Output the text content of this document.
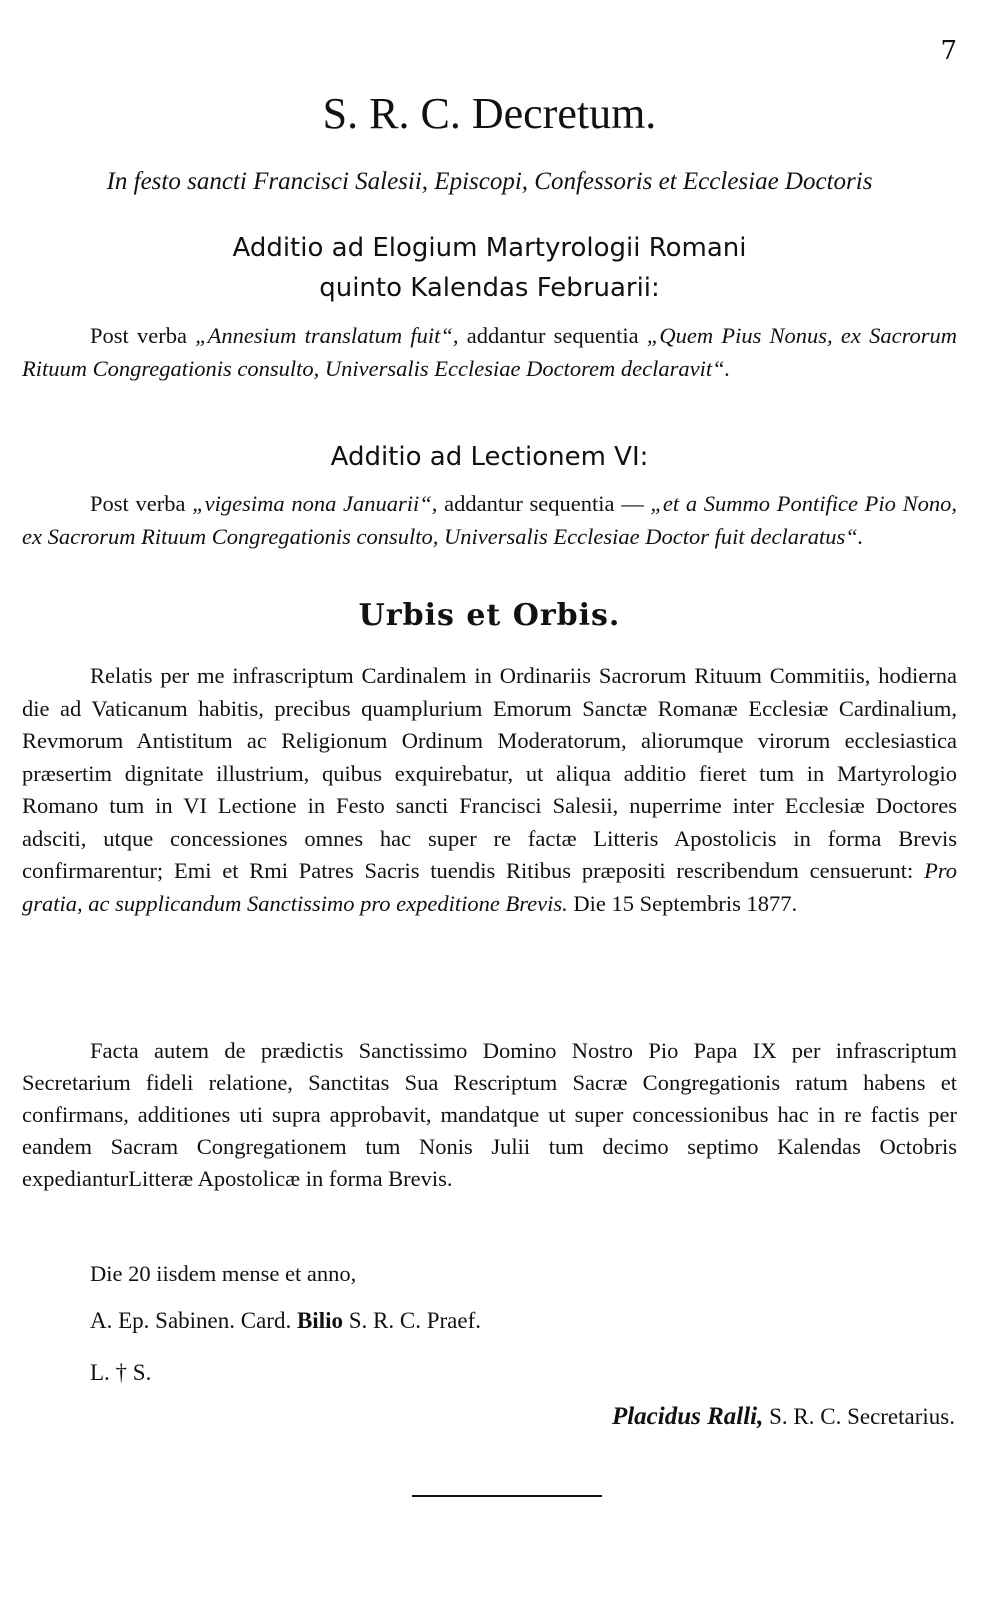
7
S. R. C. Decretum.
In festo sancti Francisci Salesii, Episcopi, Confessoris et Ecclesiae Doctoris
Additio ad Elogium Martyrologii Romani
quinto Kalendas Februarii:

Post verba „Annesium translatum fuit“, addantur sequentia „Quem Pius Nonus, ex Sacrorum Rituum Congregationis consulto, Universalis Ecclesiae Doctorem declaravit“.

Additio ad Lectionem VI:

Post verba „vigesima nona Januarii“, addantur sequentia — „et a Summo Pontifice Pio Nono, ex Sacrorum Rituum Congregationis consulto, Universalis Ecclesiae Doctor fuit declaratus“.

Urbis et Orbis.

Relatis per me infrascriptum Cardinalem in Ordinariis Sacrorum Rituum Commitiis, hodierna die ad Vaticanum habitis, precibus quamplurium Emorum Sanctæ Romanæ Ecclesiæ Cardinalium, Revmorum Antistitum ac Religionum Ordinum Moderatorum, aliorumque virorum ecclesiastica præsertim dignitate illustrium, quibus exquirebatur, ut aliqua additio fieret tum in Martyrologio Romano tum in VI Lectione in Festo sancti Francisci Salesii, nuperrime inter Ecclesiæ Doctores adsciti, utque concessiones omnes hac super re factæ Litteris Apostolicis in forma Brevis confirmarentur; Emi et Rmi Patres Sacris tuendis Ritibus præpositi rescribendum censuerunt: Pro gratia, ac supplicandum Sanctissimo pro expeditione Brevis. Die 15 Septembris 1877.

Facta autem de prædictis Sanctissimo Domino Nostro Pio Papa IX per infrascriptum Secretarium fideli relatione, Sanctitas Sua Rescriptum Sacræ Congregationis ratum habens et confirmans, additiones uti supra approbavit, mandatque ut super concessionibus hac in re factis per eandem Sacram Congregationem tum Nonis Julii tum decimo septimo Kalendas Octobris expedianturLitteræ Apostolicæ in forma Brevis.

Die 20 iisdem mense et anno,
A. Ep. Sabinen. Card. Bilio S. R. C. Praef.
L. † S.
Placidus Ralli, S. R. C. Secretarius.
